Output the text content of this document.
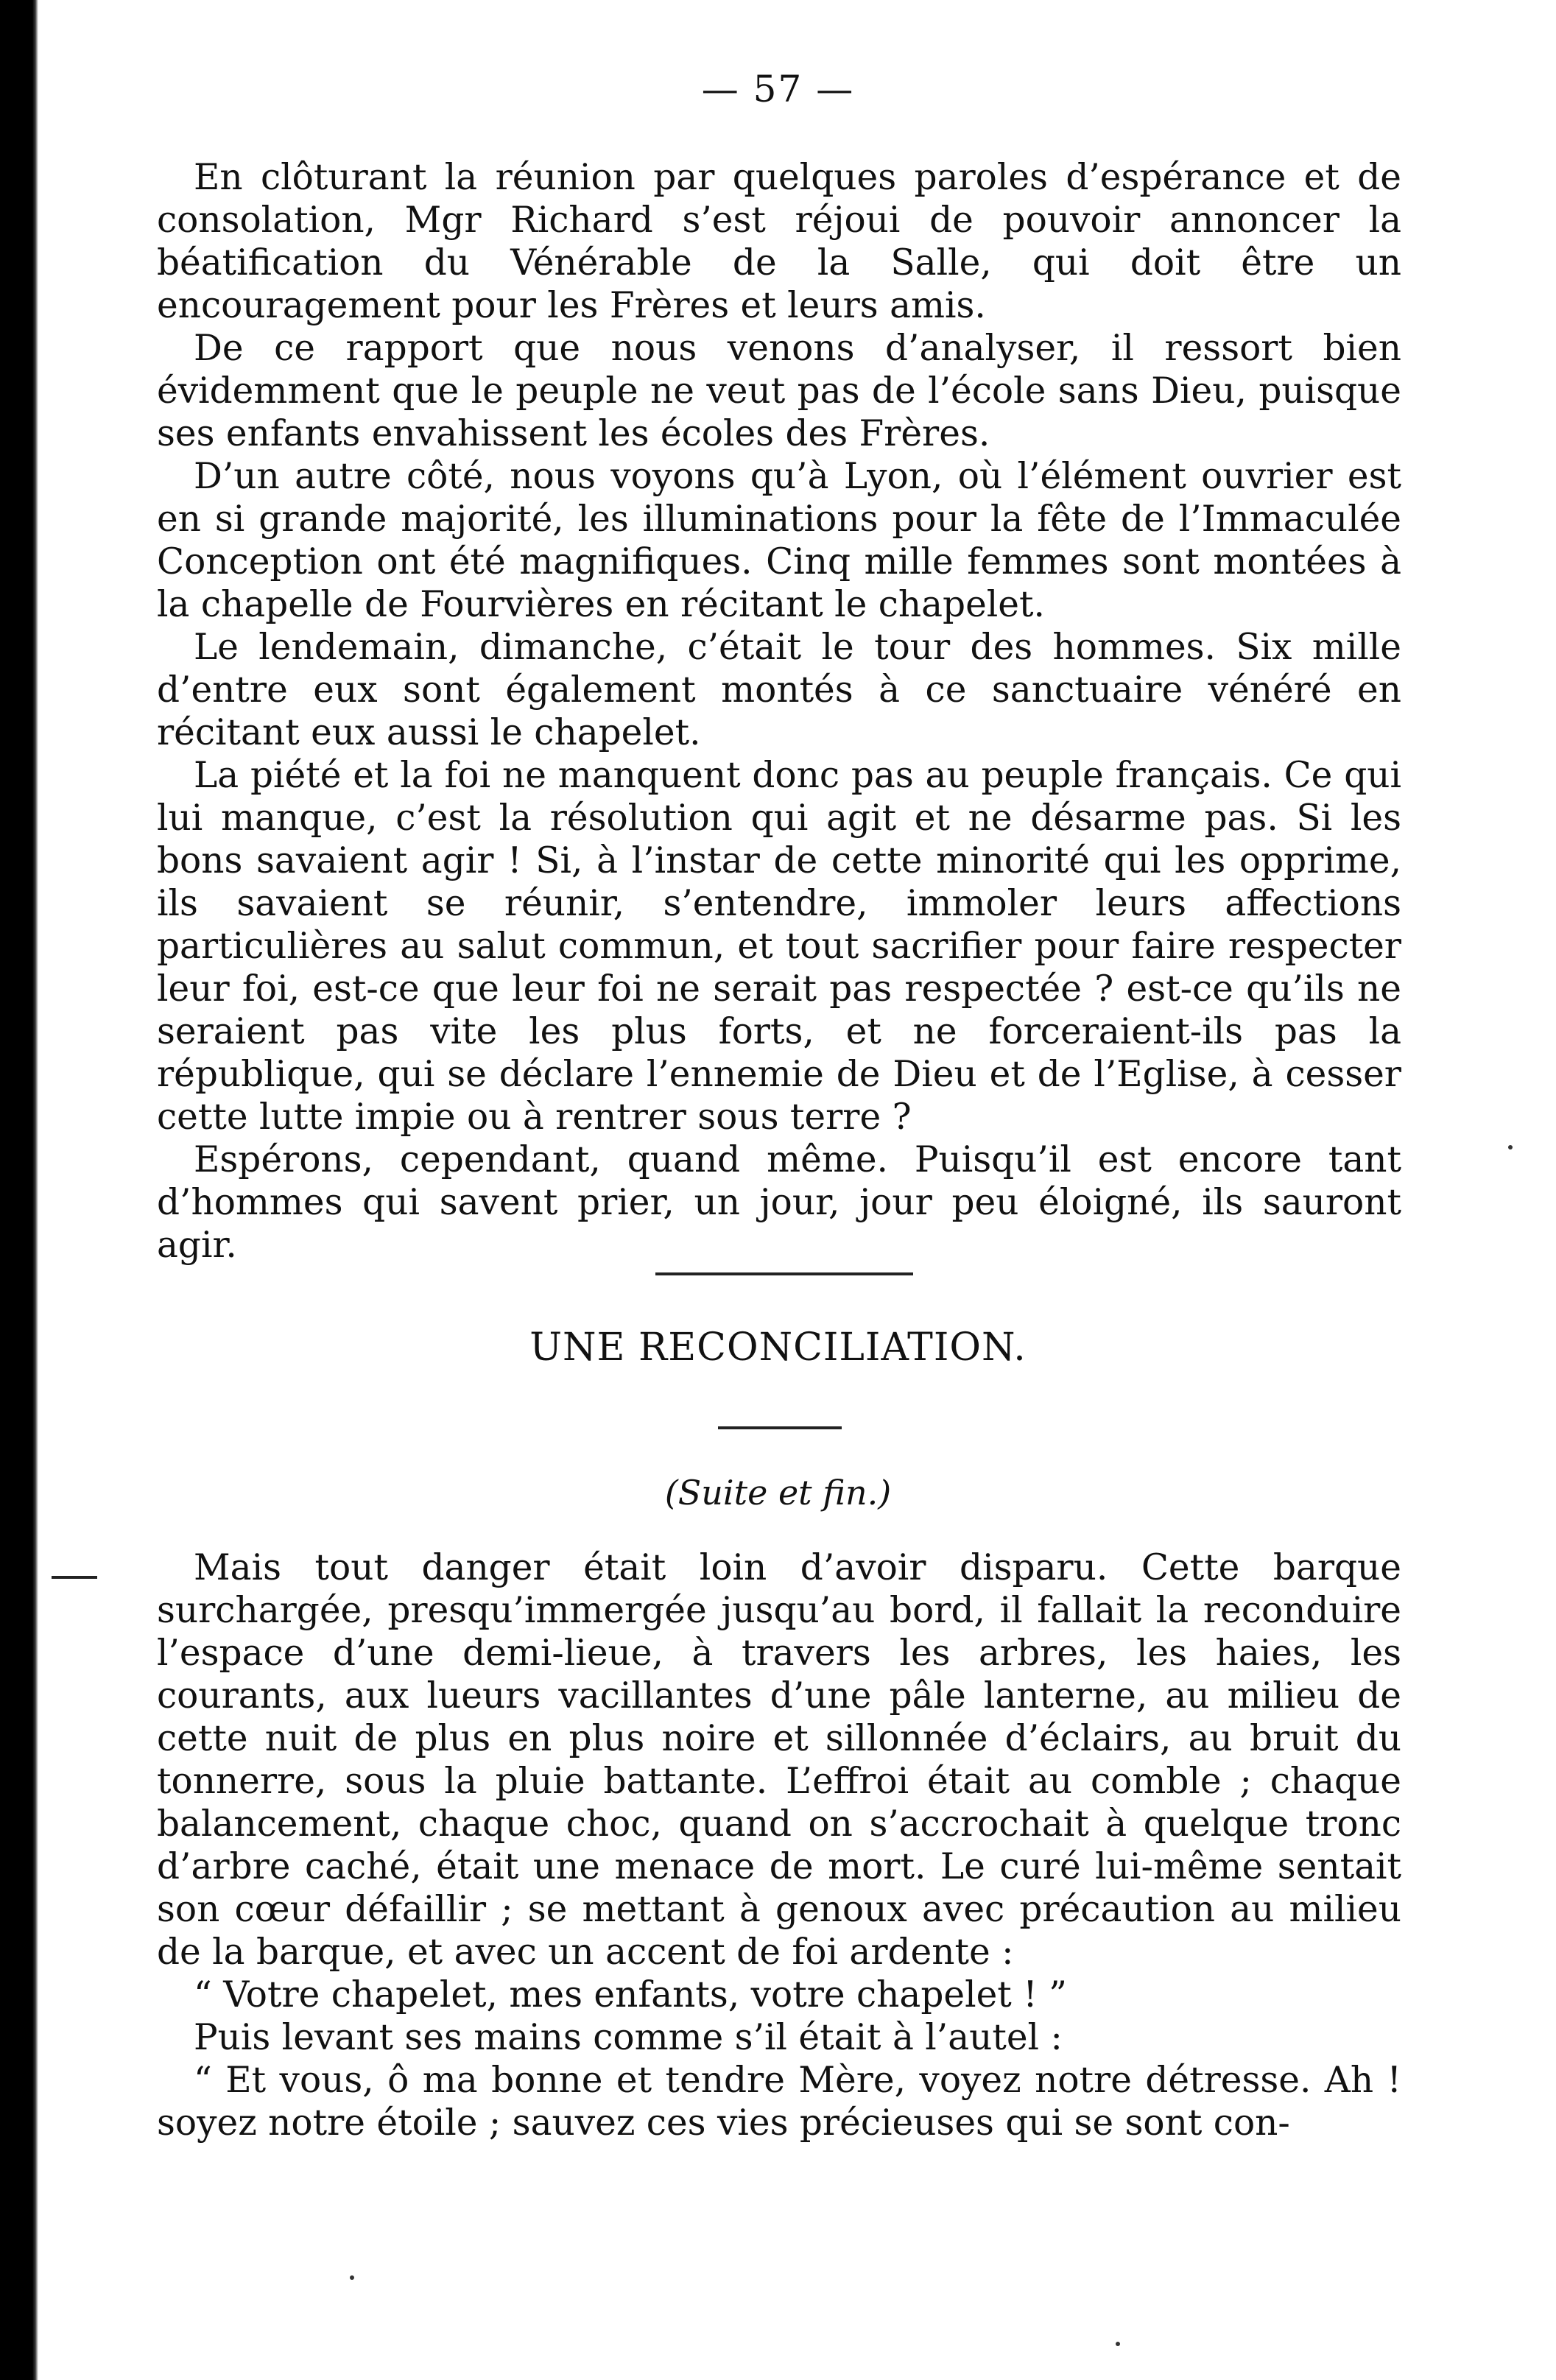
— 57 —

En clôturant la réunion par quelques paroles d’espérance et de consolation, Mgr Richard s’est réjoui de pouvoir annoncer la béatification du Vénérable de la Salle, qui doit être un encouragement pour les Frères et leurs amis.

De ce rapport que nous venons d’analyser, il ressort bien évidemment que le peuple ne veut pas de l’école sans Dieu, puisque ses enfants envahissent les écoles des Frères.

D’un autre côté, nous voyons qu’à Lyon, où l’élément ouvrier est en si grande majorité, les illuminations pour la fête de l’Immaculée Conception ont été magnifiques. Cinq mille femmes sont montées à la chapelle de Fourvières en récitant le chapelet.

Le lendemain, dimanche, c’était le tour des hommes. Six mille d’entre eux sont également montés à ce sanctuaire vénéré en récitant eux aussi le chapelet.

La piété et la foi ne manquent donc pas au peuple français. Ce qui lui manque, c’est la résolution qui agit et ne désarme pas. Si les bons savaient agir ! Si, à l’instar de cette minorité qui les opprime, ils savaient se réunir, s’entendre, immoler leurs affections particulières au salut commun, et tout sacrifier pour faire respecter leur foi, est-ce que leur foi ne serait pas respectée ? est-ce qu’ils ne seraient pas vite les plus forts, et ne forceraient-ils pas la république, qui se déclare l’ennemie de Dieu et de l’Eglise, à cesser cette lutte impie ou à rentrer sous terre ?

Espérons, cependant, quand même. Puisqu’il est encore tant d’hommes qui savent prier, un jour, jour peu éloigné, ils sauront agir.

UNE RECONCILIATION.
(Suite et fin.)

Mais tout danger était loin d’avoir disparu. Cette barque surchargée, presqu’immergée jusqu’au bord, il fallait la reconduire l’espace d’une demi-lieue, à travers les arbres, les haies, les courants, aux lueurs vacillantes d’une pâle lanterne, au milieu de cette nuit de plus en plus noire et sillonnée d’éclairs, au bruit du tonnerre, sous la pluie battante. L’effroi était au comble ; chaque balancement, chaque choc, quand on s’accrochait à quelque tronc d’arbre caché, était une menace de mort. Le curé lui-même sentait son cœur défaillir ; se mettant à genoux avec précaution au milieu de la barque, et avec un accent de foi ardente :

“ Votre chapelet, mes enfants, votre chapelet ! ”

Puis levant ses mains comme s’il était à l’autel :

“ Et vous, ô ma bonne et tendre Mère, voyez notre détresse. Ah ! soyez notre étoile ; sauvez ces vies précieuses qui se sont con-
